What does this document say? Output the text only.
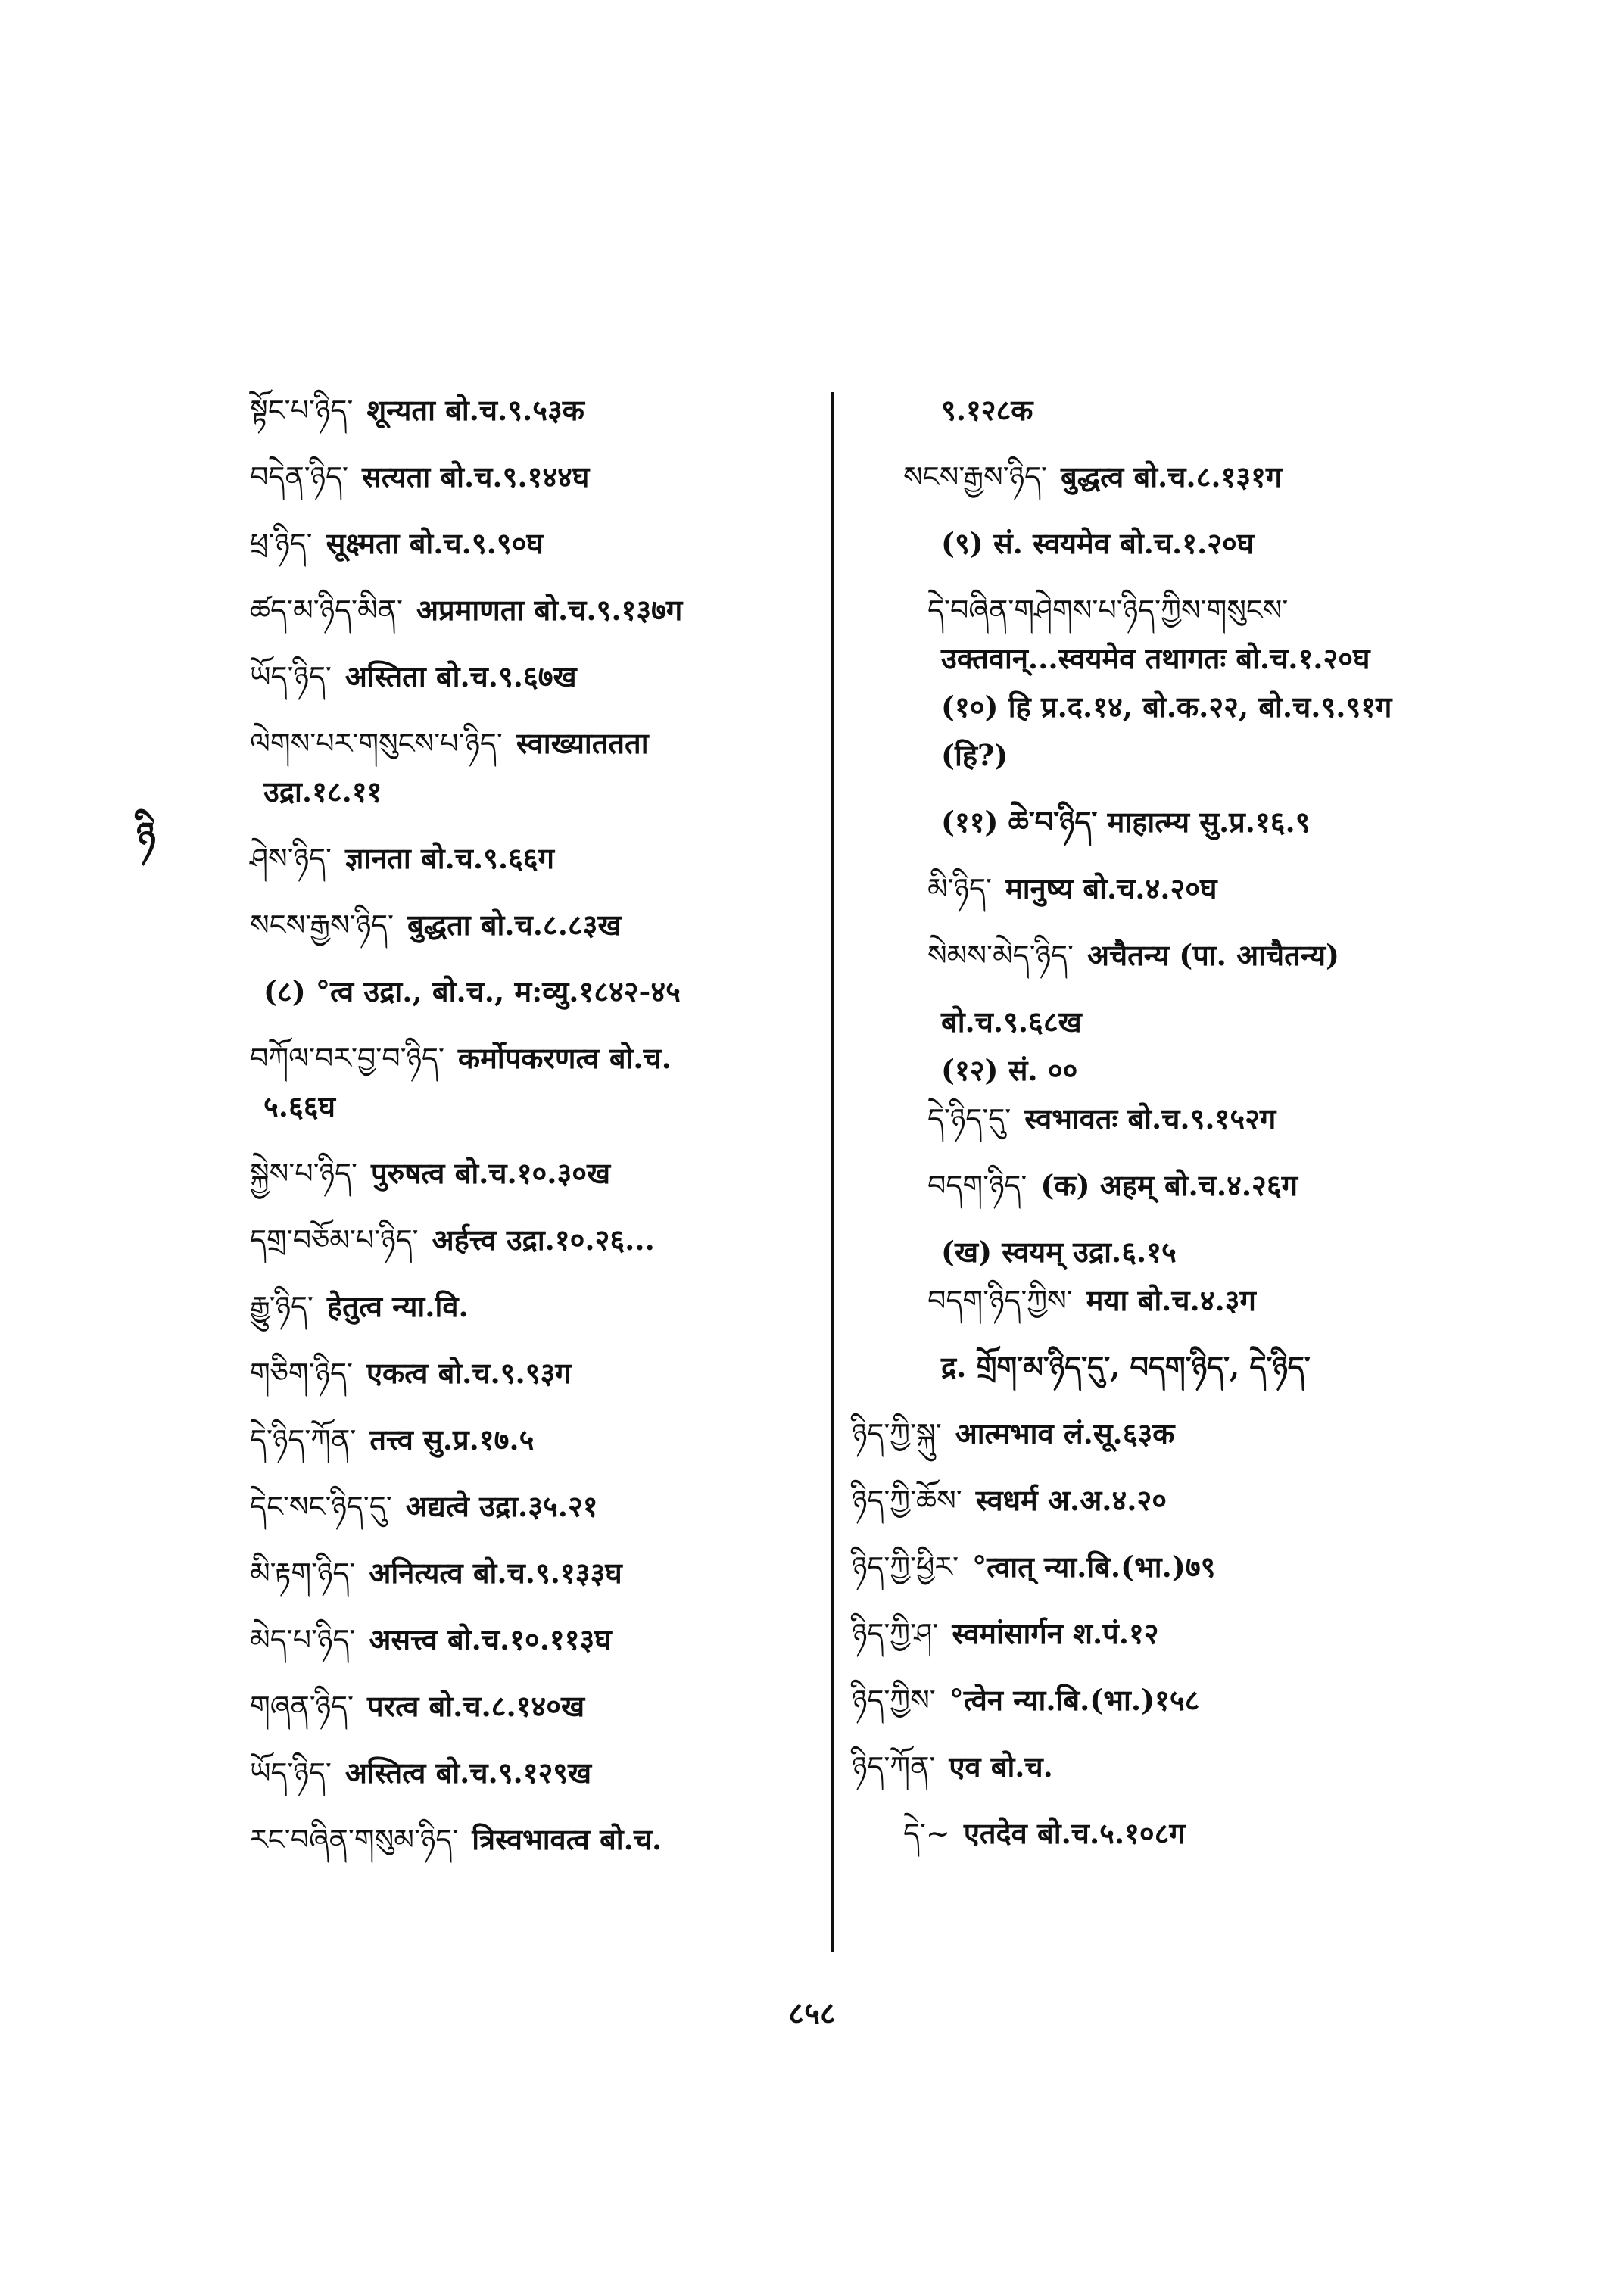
ཉི
སྟོང་པ་ཉིད་ शून्यता बो.च.९.५३क
བདེན་ཉིད་ सत्यता बो.च.९.१४४घ
ཕྲ་ཉིད་ सूक्ष्मता बो.च.९.९०घ
ཚད་མ་ཉིད་མིན་ अप्रमाणता बो.च.९.१३७ग
ཡོད་ཉིད་ अस्तिता बो.च.९.६७ख
ལེགས་པར་གསུངས་པ་ཉིད་ स्वाख्याततता
उद्रा.१८.११
ཤེས་ཉིད་ ज्ञानता बो.च.९.६६ग
སངས་རྒྱས་ཉིད་ बुद्धता बो.च.८.८३ख
(८) °त्व उद्रा., बो.च., म:व्यु.१८४२-४५
བཀོལ་བར་བྱ་བ་ཉིད་ कर्मोपकरणत्व बो.च.
५.६६घ
སྐྱེས་པ་ཉིད་ पुरुषत्व बो.च.१०.३०ख
དགྲ་བཅོམ་པ་ཉིད་ अर्हत्त्व उद्रा.१०.२६...
རྒྱུ་ཉིད་ हेतुत्व न्या.वि.
གཅིག་ཉིད་ एकत्व बो.च.९.९३ग
དེ་ཉིད་ཀོན་ तत्त्व सु.प्र.१७.५
དེང་སང་ཉིད་དུ་ अद्यत्वे उद्रा.३५.२१
མི་རྟག་ཉིད་ अनित्यत्व बो.च.९.१३३घ
མེད་པ་ཉིད་ असत्त्व बो.च.१०.११३घ
གཞན་ཉིད་ परत्व बो.च.८.१४०ख
ཡོད་ཉིད་ अस्तित्व बो.च.९.१२९ख
རང་བཞིན་གསུམ་ཉིད་ त्रिस्वभावत्व बो.च.
९.१२८क
སངས་རྒྱས་ཉིད་ बुद्धत्व बो.च.८.१३१ग
(९) सं. स्वयमेव बो.च.१.२०घ
དེ་བཞིན་གཤེགས་པ་ཉིད་ཀྱིས་གསུངས་
उक्तवान्...स्वयमेव तथागतः बो.च.१.२०घ
(१०) हि प्र.द.१४, बो.क.२२, बो.च.९.९१ग
(हि?)
(११) ཆེ་བ་ཉིད་ माहात्म्य सु.प्र.१६.९
མི་ཉིད་ मानुष्य बो.च.४.२०घ
སེམས་མེད་ཉིད་ अचैतन्य (पा. आचैतन्य)
बो.च.९.६८ख
(१२) सं. ००
དེ་ཉིད་དུ་ स्वभावतः बो.च.९.१५२ग
བདག་ཉིད་ (क) अहम् बो.च.४.२६ग
(ख) स्वयम् उद्रा.६.१५
བདག་ཉིད་ཀྱིས་ मया बो.च.४.३ग
द्र. གྲོག་མ་ཉིད་དུ་, བདག་ཉིད་, དེ་ཉིད་
ཉིད་ཀྱི་སྐུ་ आत्मभाव लं.सू.६३क
ཉིད་ཀྱི་ཆོས་ स्वधर्म अ.अ.४.२०
ཉིད་ཀྱི་ཕྱིར་ °त्वात् न्या.बि.(भा.)७९
ཉིད་ཀྱི་ཤ་ स्वमांसार्गन श.पं.१२
ཉིད་ཀྱིས་ °त्वेन न्या.बि.(भा.)१५८
ཉིད་ཀོན་ एव बो.च.
དེ་~ एतदेव बो.च.५.१०८ग
८५८
